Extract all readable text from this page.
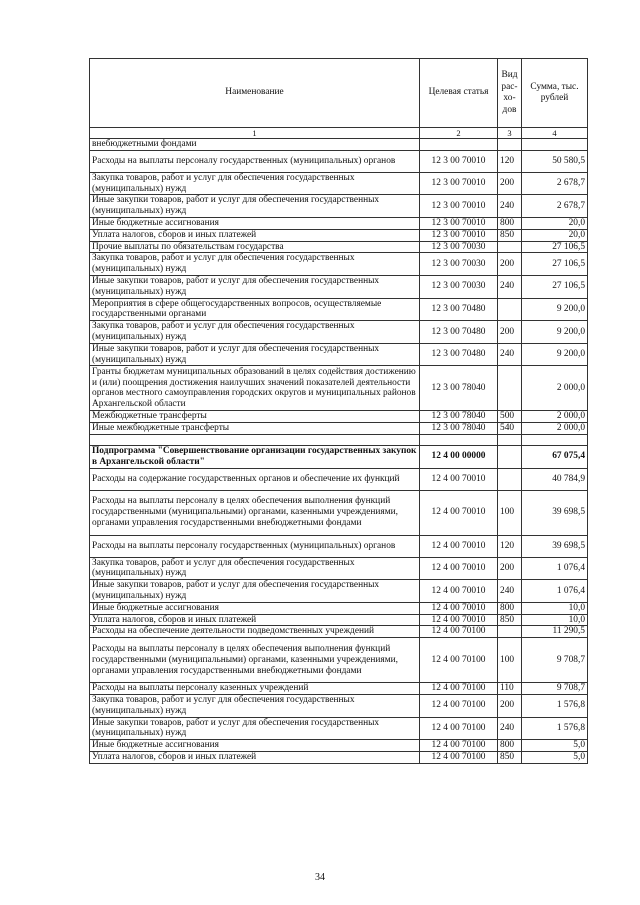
Наименование	Целевая статья	Вид рас-хо-дов	Сумма, тыс. рублей
1	2	3	4
внебюджетными фондами			
Расходы на выплаты персоналу государственных (муниципальных) органов	12 3 00 70010	120	50 580,5
Закупка товаров, работ и услуг для обеспечения государственных (муниципальных) нужд	12 3 00 70010	200	2 678,7
Иные закупки товаров, работ и услуг для обеспечения государственных (муниципальных) нужд	12 3 00 70010	240	2 678,7
Иные бюджетные ассигнования	12 3 00 70010	800	20,0
Уплата налогов, сборов и иных платежей	12 3 00 70010	850	20,0
Прочие выплаты по обязательствам государства	12 3 00 70030		27 106,5
Закупка товаров, работ и услуг для обеспечения государственных (муниципальных) нужд	12 3 00 70030	200	27 106,5
Иные закупки товаров, работ и услуг для обеспечения государственных (муниципальных) нужд	12 3 00 70030	240	27 106,5
Мероприятия в сфере общегосударственных вопросов, осуществляемые государственными органами	12 3 00 70480		9 200,0
Закупка товаров, работ и услуг для обеспечения государственных (муниципальных) нужд	12 3 00 70480	200	9 200,0
Иные закупки товаров, работ и услуг для обеспечения государственных (муниципальных) нужд	12 3 00 70480	240	9 200,0
Гранты бюджетам муниципальных образований в целях содействия достижению и (или) поощрения достижения наилучших значений показателей деятельности органов местного самоуправления городских округов и муниципальных районов Архангельской области	12 3 00 78040		2 000,0
Межбюджетные трансферты	12 3 00 78040	500	2 000,0
Иные межбюджетные трансферты	12 3 00 78040	540	2 000,0

Подпрограмма "Совершенствование организации государственных закупок в Архангельской области"	12 4 00 00000		67 075,4
Расходы на содержание государственных органов и обеспечение их функций	12 4 00 70010		40 784,9
Расходы на выплаты персоналу в целях обеспечения выполнения функций государственными (муниципальными) органами, казенными учреждениями, органами управления государственными внебюджетными фондами	12 4 00 70010	100	39 698,5
Расходы на выплаты персоналу государственных (муниципальных) органов	12 4 00 70010	120	39 698,5
Закупка товаров, работ и услуг для обеспечения государственных (муниципальных) нужд	12 4 00 70010	200	1 076,4
Иные закупки товаров, работ и услуг для обеспечения государственных (муниципальных) нужд	12 4 00 70010	240	1 076,4
Иные бюджетные ассигнования	12 4 00 70010	800	10,0
Уплата налогов, сборов и иных платежей	12 4 00 70010	850	10,0
Расходы на обеспечение деятельности подведомственных учреждений	12 4 00 70100		11 290,5
Расходы на выплаты персоналу в целях обеспечения выполнения функций государственными (муниципальными) органами, казенными учреждениями, органами управления государственными внебюджетными фондами	12 4 00 70100	100	9 708,7
Расходы на выплаты персоналу казенных учреждений	12 4 00 70100	110	9 708,7
Закупка товаров, работ и услуг для обеспечения государственных (муниципальных) нужд	12 4 00 70100	200	1 576,8
Иные закупки товаров, работ и услуг для обеспечения государственных (муниципальных) нужд	12 4 00 70100	240	1 576,8
Иные бюджетные ассигнования	12 4 00 70100	800	5,0
Уплата налогов, сборов и иных платежей	12 4 00 70100	850	5,0
34
